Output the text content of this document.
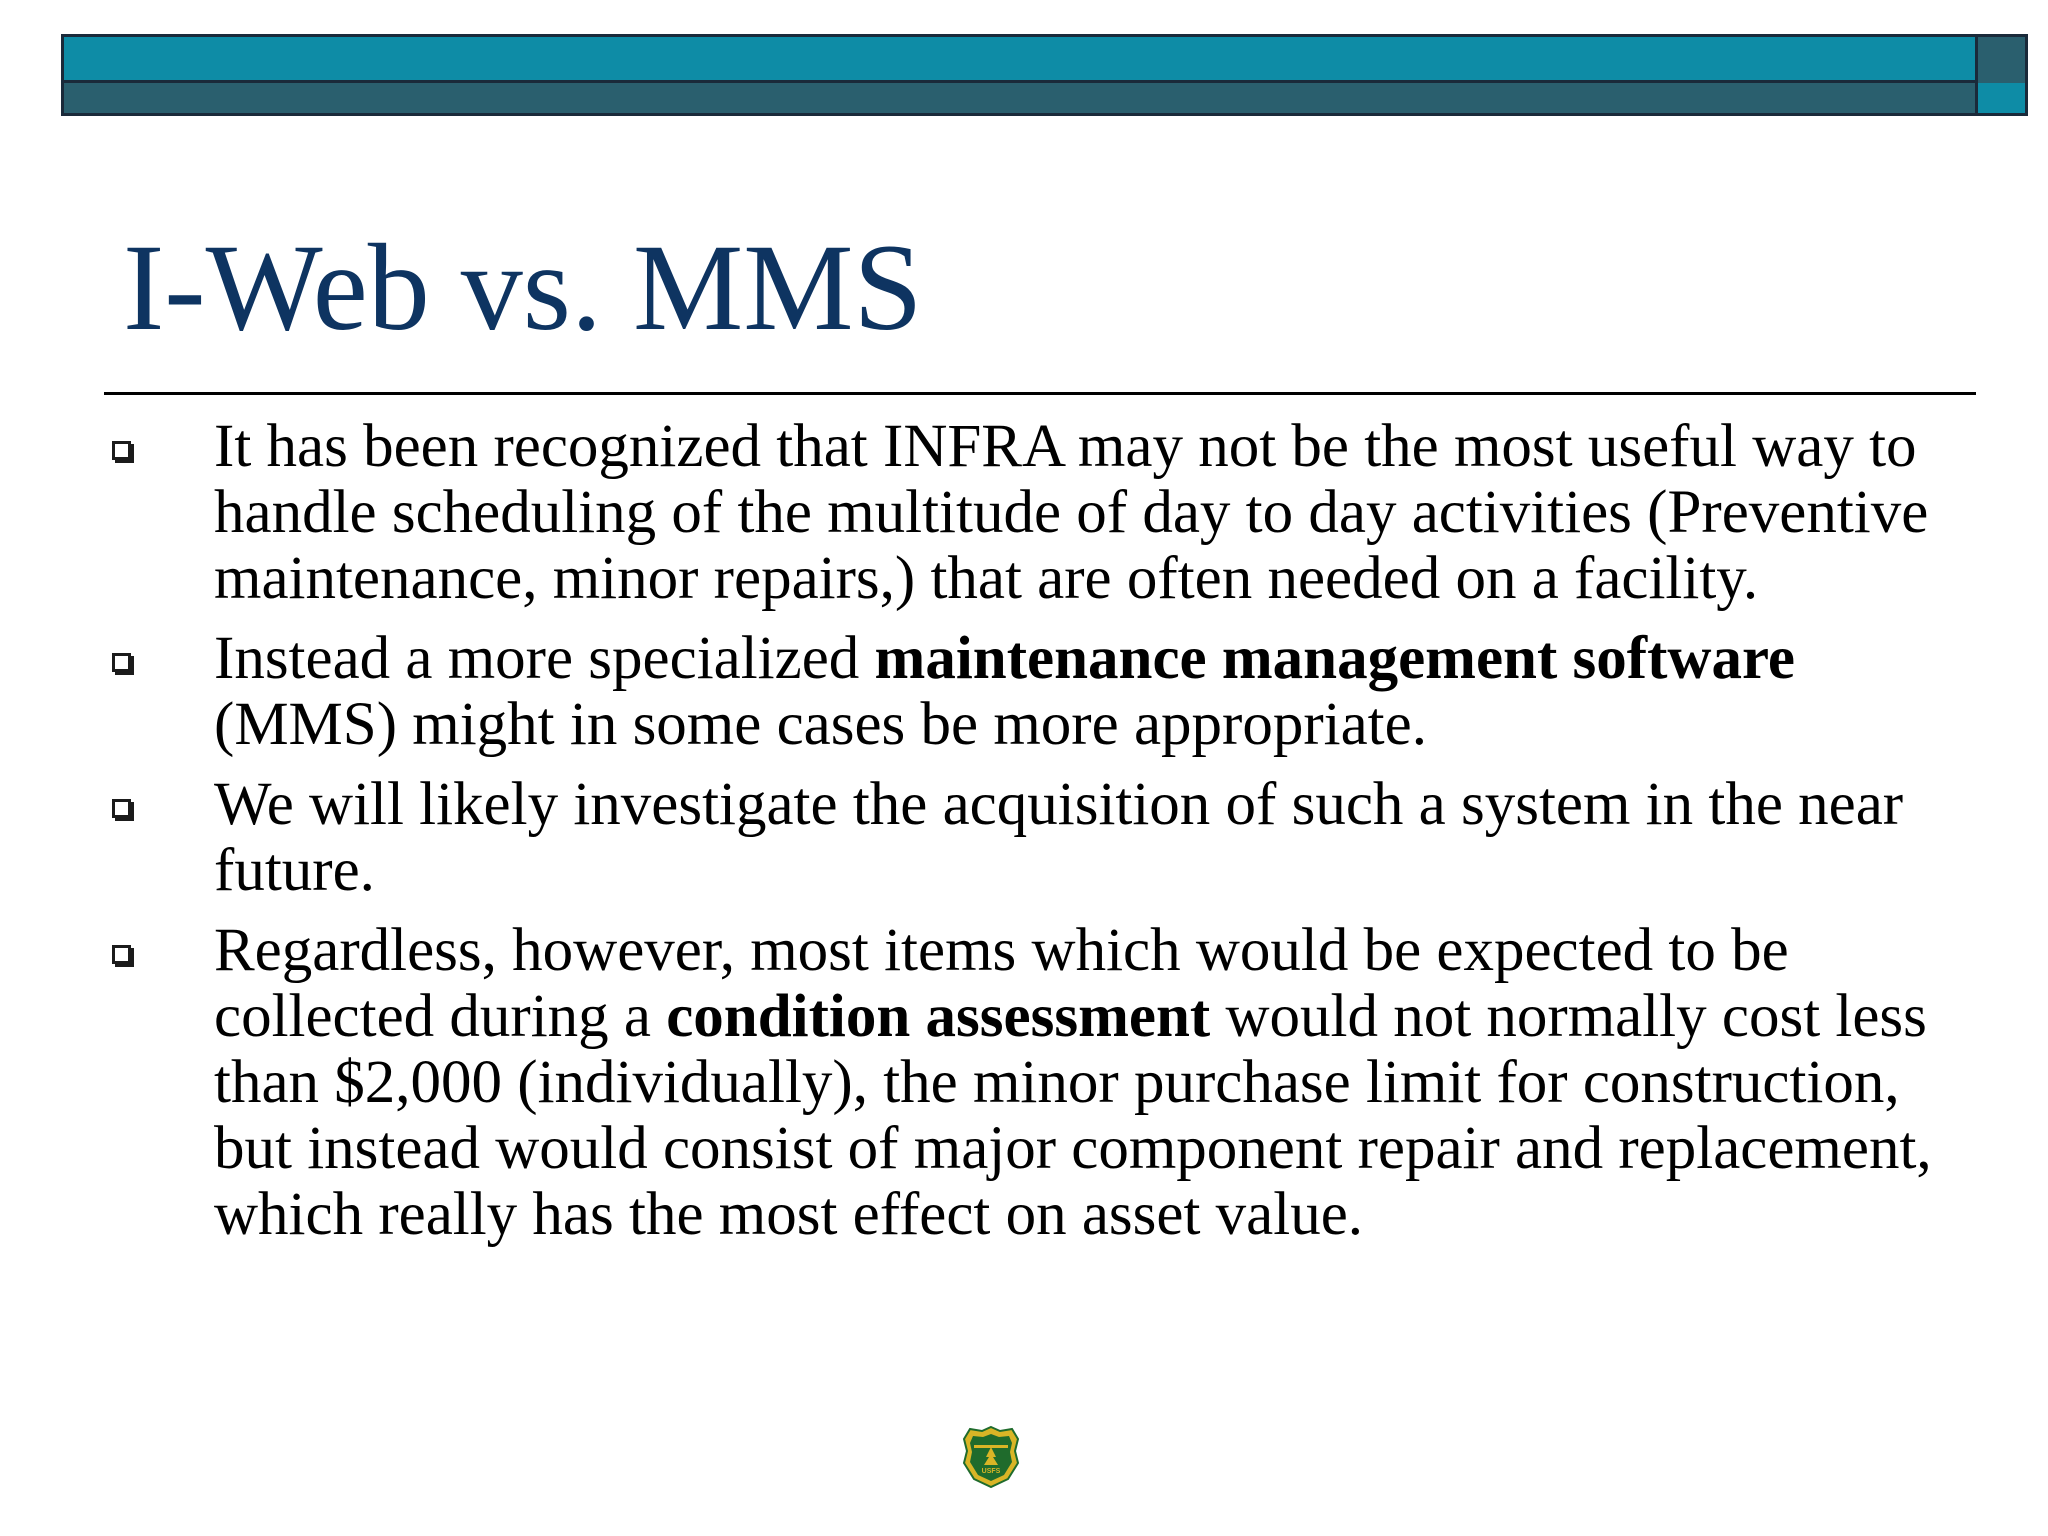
I-Web vs. MMS
It has been recognized that INFRA may not be the most useful way to handle scheduling of the multitude of day to day activities (Preventive maintenance, minor repairs,) that are often needed on a facility.
Instead a more specialized maintenance management software (MMS) might in some cases be more appropriate.
We will likely investigate the acquisition of such a system in the near future.
Regardless, however, most items which would be expected to be collected during a condition assessment would not normally cost less than $2,000 (individually), the minor purchase limit for construction, but instead would consist of major component repair and replacement, which really has the most effect on asset value.
USFS
